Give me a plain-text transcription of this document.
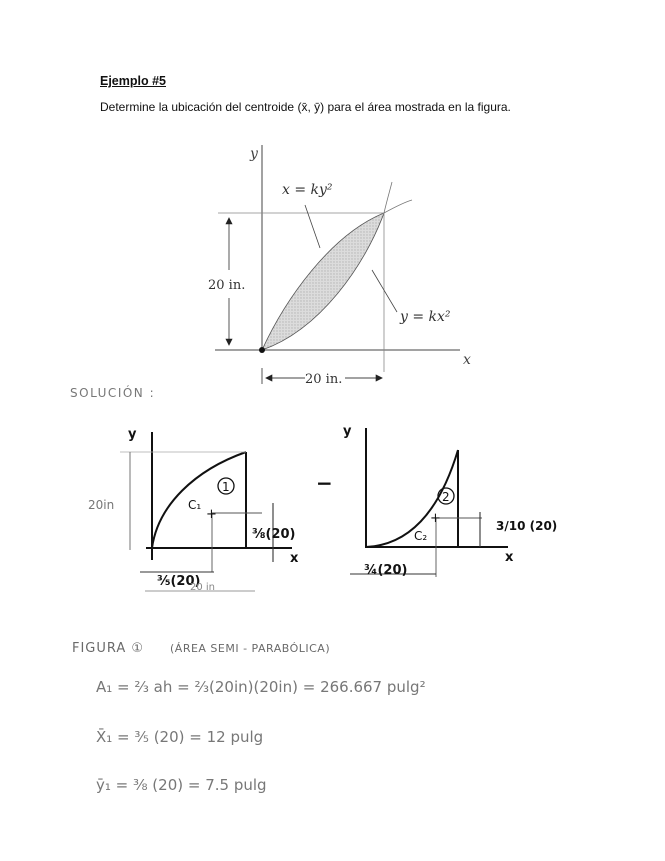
Ejemplo #5
Determine la ubicación del centroide (x̄, ȳ) para el área mostrada en la figura.
y
x
x = ky²
y = kx²
20 in.
20 in.
SOLUCIÓN :
+
y
x
1
20in	C₁
⅜(20)
⅗(20)
20 in
−
+
y
x
2
C₂
3/10 (20)
¾(20)
FIGURA ① (ÁREA SEMI - PARABÓLICA)
A₁ = ⅔ ah = ⅔(20in)(20in) = 266.667 pulg²
X̄₁ = ⅗ (20) = 12 pulg
ȳ₁ = ⅜ (20) = 7.5 pulg
